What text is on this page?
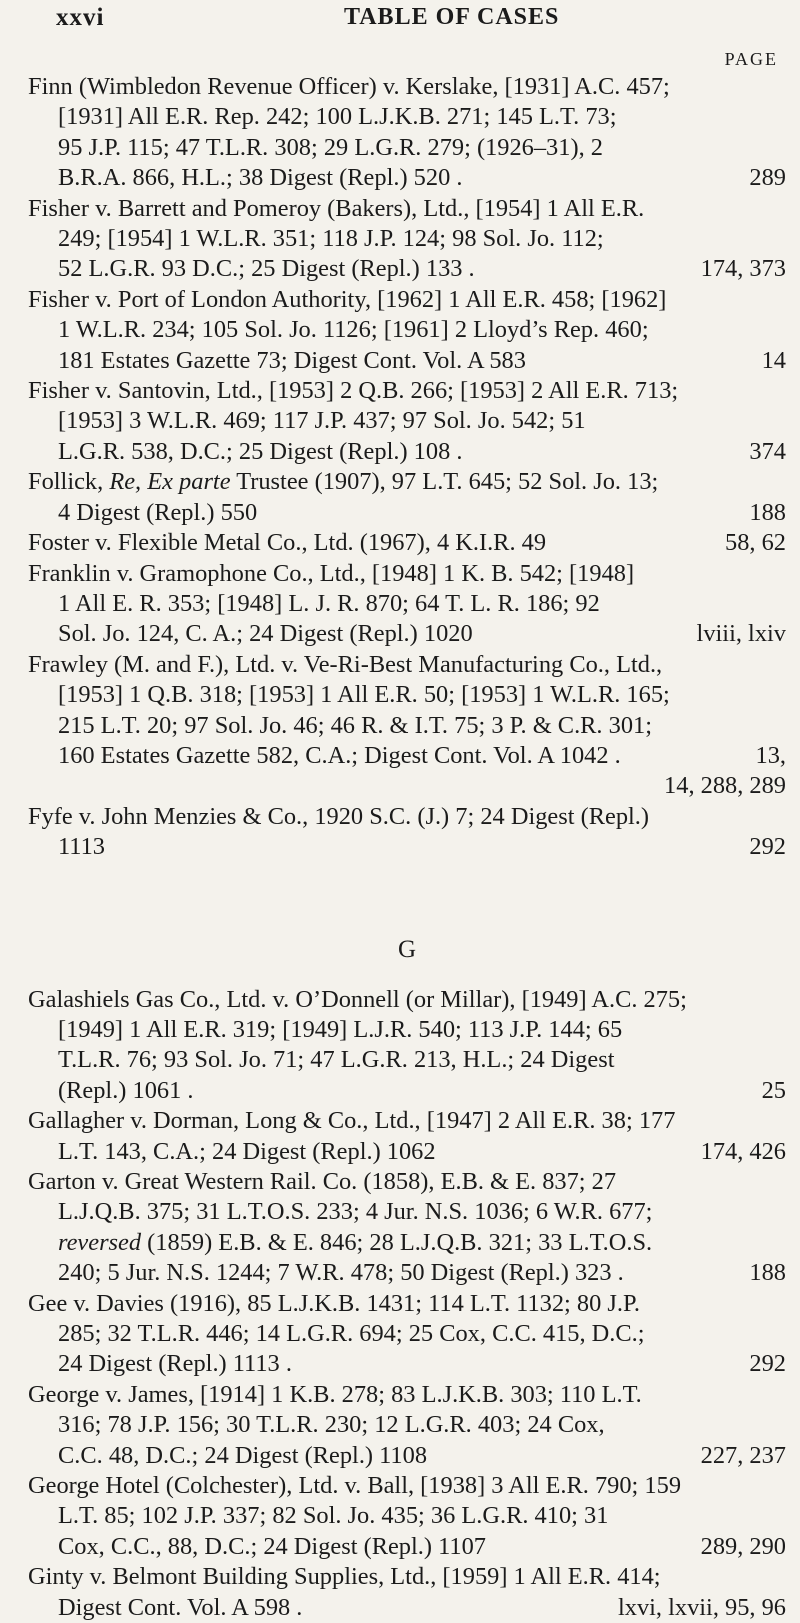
xxvi	TABLE OF CASES
PAGE
Finn (Wimbledon Revenue Officer) v. Kerslake, [1931] A.C. 457;
[1931] All E.R. Rep. 242; 100 L.J.K.B. 271; 145 L.T. 73;
95 J.P. 115; 47 T.L.R. 308; 29 L.G.R. 279; (1926–31), 2
B.R.A. 866, H.L.; 38 Digest (Repl.) 520 .	289
Fisher v. Barrett and Pomeroy (Bakers), Ltd., [1954] 1 All E.R.
249; [1954] 1 W.L.R. 351; 118 J.P. 124; 98 Sol. Jo. 112;
52 L.G.R. 93 D.C.; 25 Digest (Repl.) 133 .	174, 373
Fisher v. Port of London Authority, [1962] 1 All E.R. 458; [1962]
1 W.L.R. 234; 105 Sol. Jo. 1126; [1961] 2 Lloyd’s Rep. 460;
181 Estates Gazette 73; Digest Cont. Vol. A 583	14
Fisher v. Santovin, Ltd., [1953] 2 Q.B. 266; [1953] 2 All E.R. 713;
[1953] 3 W.L.R. 469; 117 J.P. 437; 97 Sol. Jo. 542; 51
L.G.R. 538, D.C.; 25 Digest (Repl.) 108 .	374
Follick, Re, Ex parte Trustee (1907), 97 L.T. 645; 52 Sol. Jo. 13;
4 Digest (Repl.) 550	188
Foster v. Flexible Metal Co., Ltd. (1967), 4 K.I.R. 49	58, 62
Franklin v. Gramophone Co., Ltd., [1948] 1 K. B. 542; [1948]
1 All E. R. 353; [1948] L. J. R. 870; 64 T. L. R. 186; 92
Sol. Jo. 124, C. A.; 24 Digest (Repl.) 1020	lviii, lxiv
Frawley (M. and F.), Ltd. v. Ve-Ri-Best Manufacturing Co., Ltd.,
[1953] 1 Q.B. 318; [1953] 1 All E.R. 50; [1953] 1 W.L.R. 165;
215 L.T. 20; 97 Sol. Jo. 46; 46 R. & I.T. 75; 3 P. & C.R. 301;
160 Estates Gazette 582, C.A.; Digest Cont. Vol. A 1042 .	13,
14, 288, 289
Fyfe v. John Menzies & Co., 1920 S.C. (J.) 7; 24 Digest (Repl.)
1113	292
G
Galashiels Gas Co., Ltd. v. O’Donnell (or Millar), [1949] A.C. 275;
[1949] 1 All E.R. 319; [1949] L.J.R. 540; 113 J.P. 144; 65
T.L.R. 76; 93 Sol. Jo. 71; 47 L.G.R. 213, H.L.; 24 Digest
(Repl.) 1061 .	25
Gallagher v. Dorman, Long & Co., Ltd., [1947] 2 All E.R. 38; 177
L.T. 143, C.A.; 24 Digest (Repl.) 1062	174, 426
Garton v. Great Western Rail. Co. (1858), E.B. & E. 837; 27
L.J.Q.B. 375; 31 L.T.O.S. 233; 4 Jur. N.S. 1036; 6 W.R. 677;
reversed (1859) E.B. & E. 846; 28 L.J.Q.B. 321; 33 L.T.O.S.
240; 5 Jur. N.S. 1244; 7 W.R. 478; 50 Digest (Repl.) 323 .	188
Gee v. Davies (1916), 85 L.J.K.B. 1431; 114 L.T. 1132; 80 J.P.
285; 32 T.L.R. 446; 14 L.G.R. 694; 25 Cox, C.C. 415, D.C.;
24 Digest (Repl.) 1113 .	292
George v. James, [1914] 1 K.B. 278; 83 L.J.K.B. 303; 110 L.T.
316; 78 J.P. 156; 30 T.L.R. 230; 12 L.G.R. 403; 24 Cox,
C.C. 48, D.C.; 24 Digest (Repl.) 1108	227, 237
George Hotel (Colchester), Ltd. v. Ball, [1938] 3 All E.R. 790; 159
L.T. 85; 102 J.P. 337; 82 Sol. Jo. 435; 36 L.G.R. 410; 31
Cox, C.C., 88, D.C.; 24 Digest (Repl.) 1107	289, 290
Ginty v. Belmont Building Supplies, Ltd., [1959] 1 All E.R. 414;
Digest Cont. Vol. A 598 .	lxvi, lxvii, 95, 96
